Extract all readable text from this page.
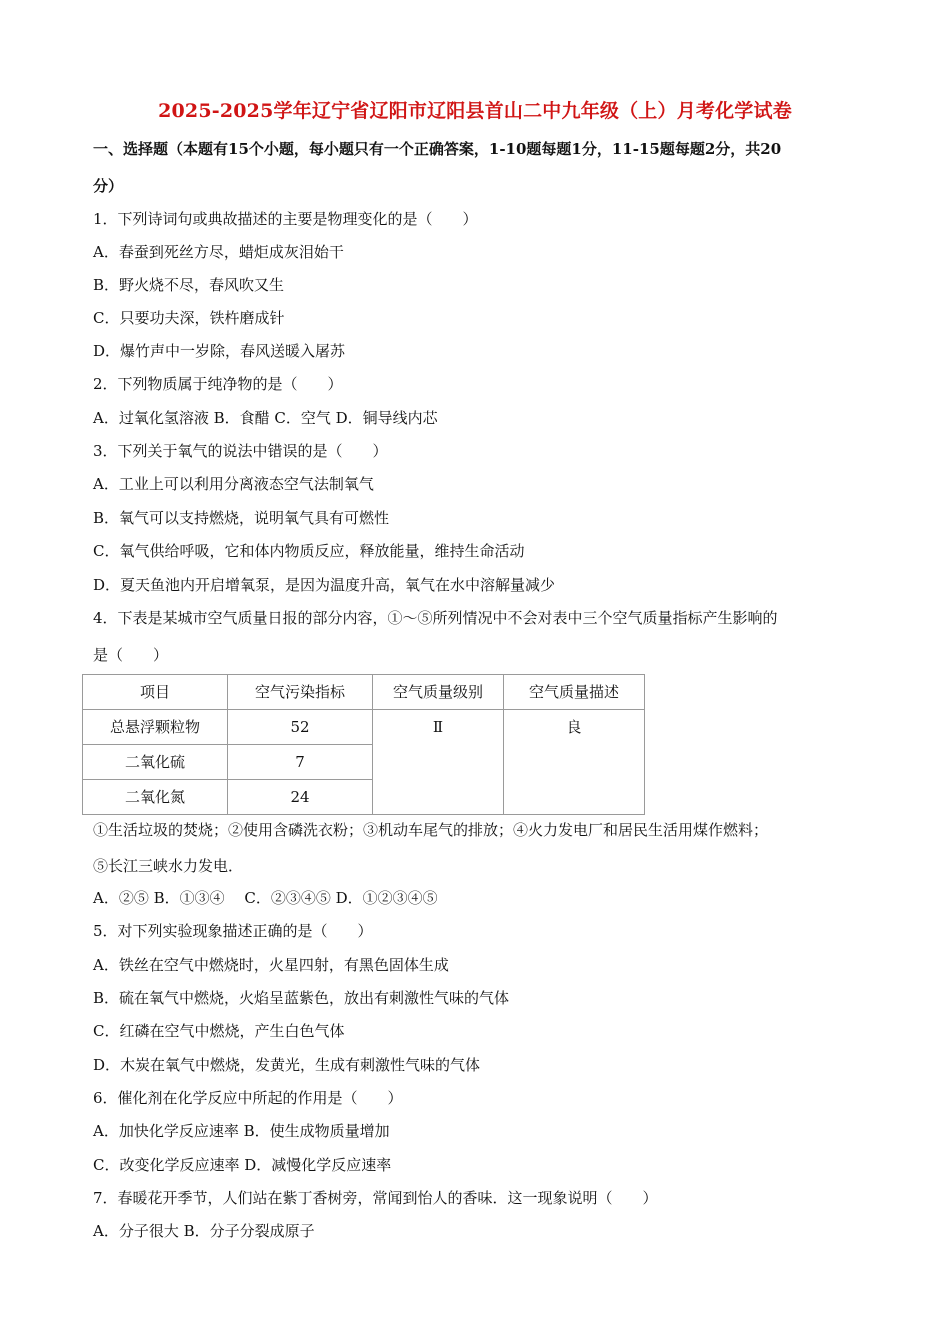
2025-2025学年辽宁省辽阳市辽阳县首山二中九年级（上）月考化学试卷
一、选择题（本题有15个小题，每小题只有一个正确答案，1-10题每题1分，11-15题每题2分，共20
分）
1．下列诗词句或典故描述的主要是物理变化的是（　　）
A．春蚕到死丝方尽，蜡炬成灰泪始干
B．野火烧不尽，春风吹又生
C．只要功夫深，铁杵磨成针
D．爆竹声中一岁除，春风送暖入屠苏
2．下列物质属于纯净物的是（　　）
A．过氧化氢溶液 B．食醋 C．空气 D．铜导线内芯
3．下列关于氧气的说法中错误的是（　　）
A．工业上可以利用分离液态空气法制氧气
B．氧气可以支持燃烧，说明氧气具有可燃性
C．氧气供给呼吸，它和体内物质反应，释放能量，维持生命活动
D．夏天鱼池内开启增氧泵，是因为温度升高，氧气在水中溶解量减少
4．下表是某城市空气质量日报的部分内容，①～⑤所列情况中不会对表中三个空气质量指标产生影响的
是（　　）
项目	空气污染指标	空气质量级别	空气质量描述

总悬浮颗粒物	52	Ⅱ	良

二氧化硫	7		

二氧化氮	24		
①生活垃圾的焚烧；②使用含磷洗衣粉；③机动车尾气的排放；④火力发电厂和居民生活用煤作燃料；
⑤长江三峡水力发电．
A．②⑤ B．①③④　 C．②③④⑤ D．①②③④⑤
5．对下列实验现象描述正确的是（　　）
A．铁丝在空气中燃烧时，火星四射，有黑色固体生成
B．硫在氧气中燃烧，火焰呈蓝紫色，放出有刺激性气味的气体
C．红磷在空气中燃烧，产生白色气体
D．木炭在氧气中燃烧，发黄光，生成有刺激性气味的气体
6．催化剂在化学反应中所起的作用是（　　）
A．加快化学反应速率 B．使生成物质量增加
C．改变化学反应速率 D．减慢化学反应速率
7．春暖花开季节，人们站在紫丁香树旁，常闻到怡人的香味．这一现象说明（　　）
A．分子很大 B．分子分裂成原子
